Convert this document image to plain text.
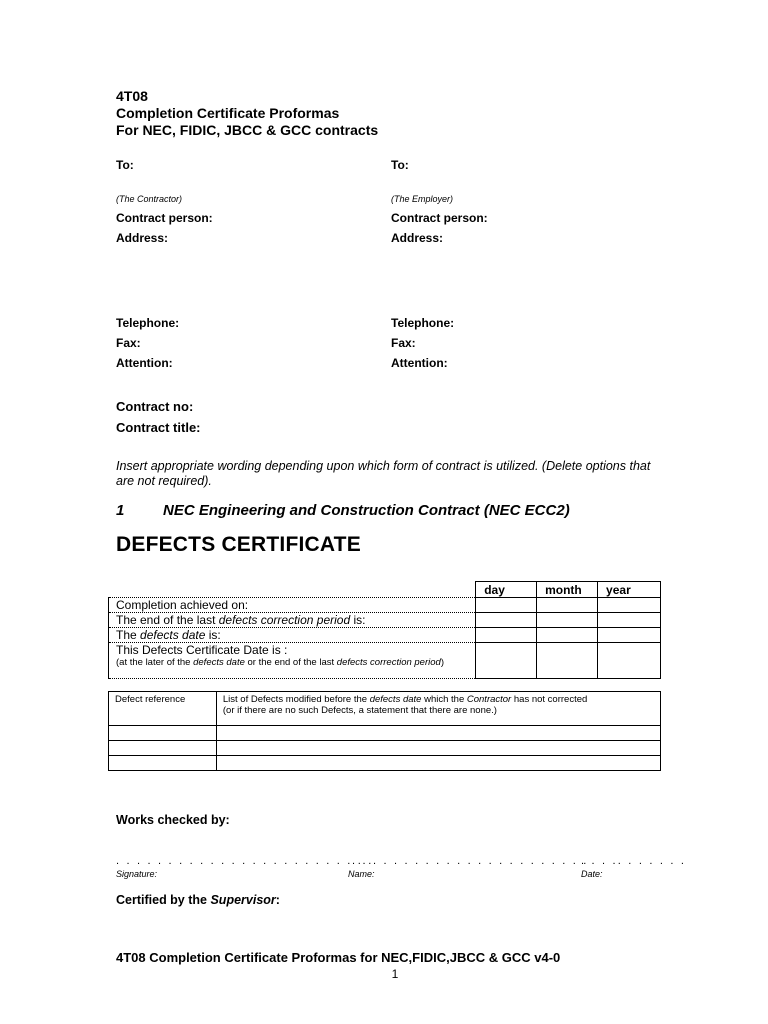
4T08
Completion Certificate Proformas
For NEC, FIDIC, JBCC & GCC contracts
To:
(The Contractor)
Contract person:
Address:
Telephone:
Fax:
Attention:
To:
(The Employer)
Contract person:
Address:
Telephone:
Fax:
Attention:
Contract no:
Contract title:
Insert appropriate wording depending upon which form of contract is utilized. (Delete options that are not required).
1	NEC Engineering and Construction Contract (NEC ECC2)
DEFECTS CERTIFICATE
	day	month	year
Completion achieved on:			
The end of the last defects correction period is:			
The defects date is:			

This Defects Certificate Date is :
(at the later of the defects date or the end of the last defects correction period)			

Defect reference	List of Defects modified before the defects date which the Contractor has not corrected
(or if there are no such Defects, a statement that there are none.)

Works checked by:
. . . . . . . . . . . . . . . . . . . . . . . . .
. . . . . . . . . . . . . . . . . . . . . . .
. . . .. . . . . . .
Signature:	Name:	Date:
Certified by the Supervisor:
4T08 Completion Certificate Proformas for NEC,FIDIC,JBCC & GCC v4-0
1
